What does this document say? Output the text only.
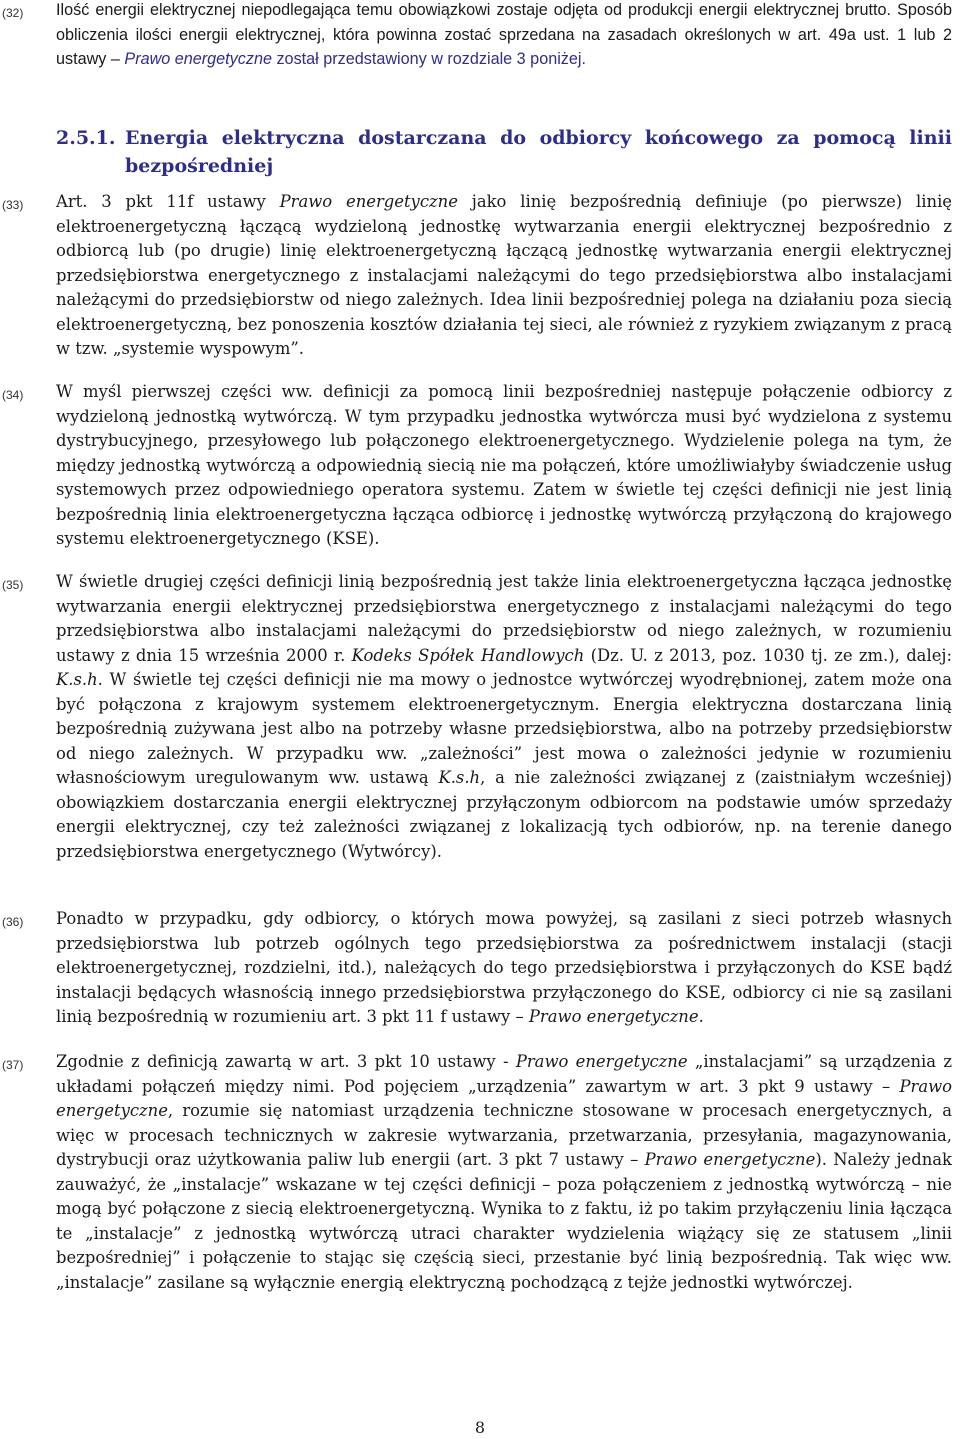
(32) Ilość energii elektrycznej niepodlegająca temu obowiązkowi zostaje odjęta od produkcji energii elektrycznej brutto. Sposób obliczenia ilości energii elektrycznej, która powinna zostać sprzedana na zasadach określonych w art. 49a ust. 1 lub 2 ustawy – Prawo energetyczne został przedstawiony w rozdziale 3 poniżej.

2.5.1. Energia elektryczna dostarczana do odbiorcy końcowego za pomocą linii bezpośredniej

(33) Art. 3 pkt 11f ustawy Prawo energetyczne jako linię bezpośrednią definiuje (po pierwsze) linię elektroenergetyczną łączącą wydzieloną jednostkę wytwarzania energii elektrycznej bezpośrednio z odbiorcą lub (po drugie) linię elektroenergetyczną łączącą jednostkę wytwarzania energii elektrycznej przedsiębiorstwa energetycznego z instalacjami należącymi do tego przedsiębiorstwa albo instalacjami należącymi do przedsiębiorstw od niego zależnych. Idea linii bezpośredniej polega na działaniu poza siecią elektroenergetyczną, bez ponoszenia kosztów działania tej sieci, ale również z ryzykiem związanym z pracą w tzw. „systemie wyspowym”.

(34) W myśl pierwszej części ww. definicji za pomocą linii bezpośredniej następuje połączenie odbiorcy z wydzieloną jednostką wytwórczą. W tym przypadku jednostka wytwórcza musi być wydzielona z systemu dystrybucyjnego, przesyłowego lub połączonego elektroenergetycznego. Wydzielenie polega na tym, że między jednostką wytwórczą a odpowiednią siecią nie ma połączeń, które umożliwiałyby świadczenie usług systemowych przez odpowiedniego operatora systemu. Zatem w świetle tej części definicji nie jest linią bezpośrednią linia elektroenergetyczna łącząca odbiorcę i jednostkę wytwórczą przyłączoną do krajowego systemu elektroenergetycznego (KSE).

(35) W świetle drugiej części definicji linią bezpośrednią jest także linia elektroenergetyczna łącząca jednostkę wytwarzania energii elektrycznej przedsiębiorstwa energetycznego z instalacjami należącymi do tego przedsiębiorstwa albo instalacjami należącymi do przedsiębiorstw od niego zależnych, w rozumieniu ustawy z dnia 15 września 2000 r. Kodeks Spółek Handlowych (Dz. U. z 2013, poz. 1030 tj. ze zm.), dalej: K.s.h. W świetle tej części definicji nie ma mowy o jednostce wytwórczej wyodrębnionej, zatem może ona być połączona z krajowym systemem elektroenergetycznym. Energia elektryczna dostarczana linią bezpośrednią zużywana jest albo na potrzeby własne przedsiębiorstwa, albo na potrzeby przedsiębiorstw od niego zależnych. W przypadku ww. „zależności” jest mowa o zależności jedynie w rozumieniu własnościowym uregulowanym ww. ustawą K.s.h, a nie zależności związanej z (zaistniałym wcześniej) obowiązkiem dostarczania energii elektrycznej przyłączonym odbiorcom na podstawie umów sprzedaży energii elektrycznej, czy też zależności związanej z lokalizacją tych odbiorów, np. na terenie danego przedsiębiorstwa energetycznego (Wytwórcy).

(36) Ponadto w przypadku, gdy odbiorcy, o których mowa powyżej, są zasilani z sieci potrzeb własnych przedsiębiorstwa lub potrzeb ogólnych tego przedsiębiorstwa za pośrednictwem instalacji (stacji elektroenergetycznej, rozdzielni, itd.), należących do tego przedsiębiorstwa i przyłączonych do KSE bądź instalacji będących własnością innego przedsiębiorstwa przyłączonego do KSE, odbiorcy ci nie są zasilani linią bezpośrednią w rozumieniu art. 3 pkt 11 f ustawy – Prawo energetyczne.

(37) Zgodnie z definicją zawartą w art. 3 pkt 10 ustawy - Prawo energetyczne „instalacjami” są urządzenia z układami połączeń między nimi. Pod pojęciem „urządzenia” zawartym w art. 3 pkt 9 ustawy – Prawo energetyczne, rozumie się natomiast urządzenia techniczne stosowane w procesach energetycznych, a więc w procesach technicznych w zakresie wytwarzania, przetwarzania, przesyłania, magazynowania, dystrybucji oraz użytkowania paliw lub energii (art. 3 pkt 7 ustawy – Prawo energetyczne). Należy jednak zauważyć, że „instalacje” wskazane w tej części definicji – poza połączeniem z jednostką wytwórczą – nie mogą być połączone z siecią elektroenergetyczną. Wynika to z faktu, iż po takim przyłączeniu linia łącząca te „instalacje” z jednostką wytwórczą utraci charakter wydzielenia wiążący się ze statusem „linii bezpośredniej” i połączenie to stając się częścią sieci, przestanie być linią bezpośrednią. Tak więc ww. „instalacje” zasilane są wyłącznie energią elektryczną pochodzącą z tejże jednostki wytwórczej.

8
